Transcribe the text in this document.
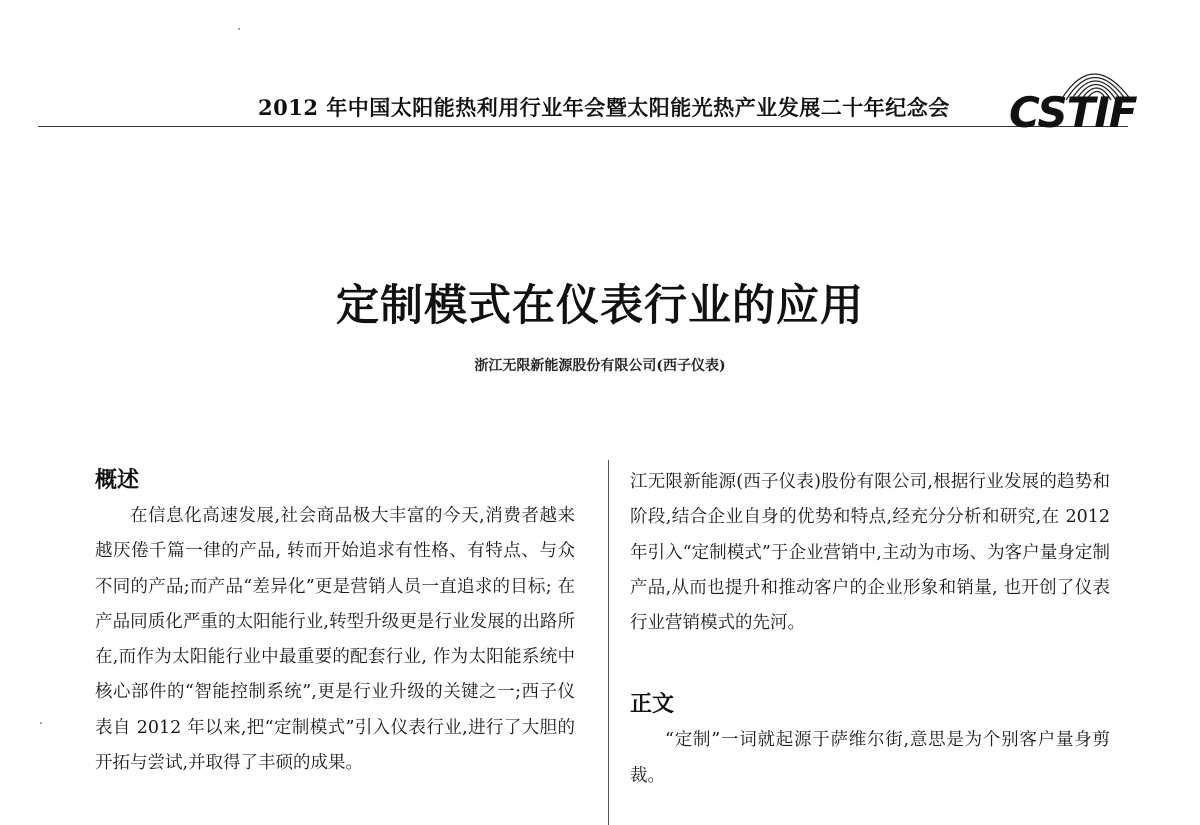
2012 年中国太阳能热利用行业年会暨太阳能光热产业发展二十年纪念会 CSTIF
定制模式在仪表行业的应用
浙江无限新能源股份有限公司(西子仪表)
概述

在信息化高速发展,社会商品极大丰富的今天,消费者越来越厌倦千篇一律的产品, 转而开始追求有性格、有特点、与众不同的产品;而产品“差异化”更是营销人员一直追求的目标; 在产品同质化严重的太阳能行业,转型升级更是行业发展的出路所在,而作为太阳能行业中最重要的配套行业, 作为太阳能系统中核心部件的“智能控制系统”,更是行业升级的关键之一;西子仪表自 2012 年以来,把“定制模式”引入仪表行业,进行了大胆的开拓与尝试,并取得了丰硕的成果。

江无限新能源(西子仪表)股份有限公司,根据行业发展的趋势和阶段,结合企业自身的优势和特点,经充分分析和研究,在 2012 年引入“定制模式”于企业营销中,主动为市场、为客户量身定制产品,从而也提升和推动客户的企业形象和销量, 也开创了仪表行业营销模式的先河。

正文

“定制”一词就起源于萨维尔街,意思是为个别客户量身剪裁。
